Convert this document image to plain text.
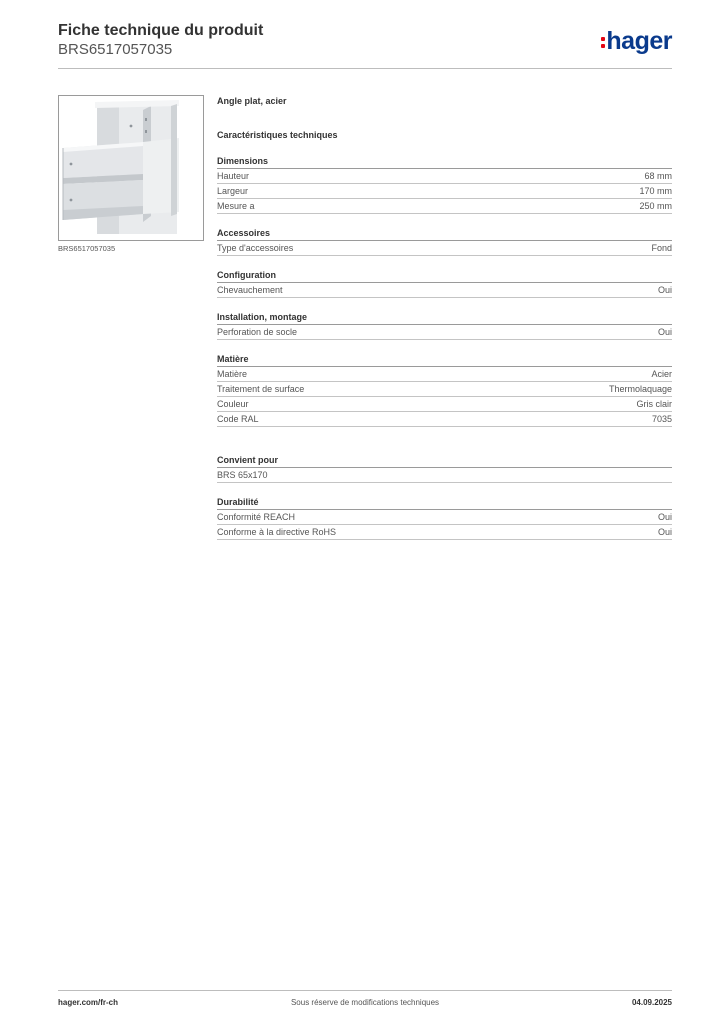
Fiche technique du produit
BRS6517057035	hager
BRS6517057035
Angle plat, acier
Caractéristiques techniques
Dimensions
Hauteur	68 mm
Largeur	170 mm
Mesure a	250 mm
Accessoires
Type d'accessoires	Fond
Configuration
Chevauchement	Oui
Installation, montage
Perforation de socle	Oui
Matière
Matière	Acier
Traitement de surface	Thermolaquage
Couleur	Gris clair
Code RAL	7035
Convient pour
BRS 65x170
Durabilité
Conformité REACH	Oui
Conforme à la directive RoHS	Oui
hager.com/fr-ch	Sous réserve de modifications techniques	04.09.2025
